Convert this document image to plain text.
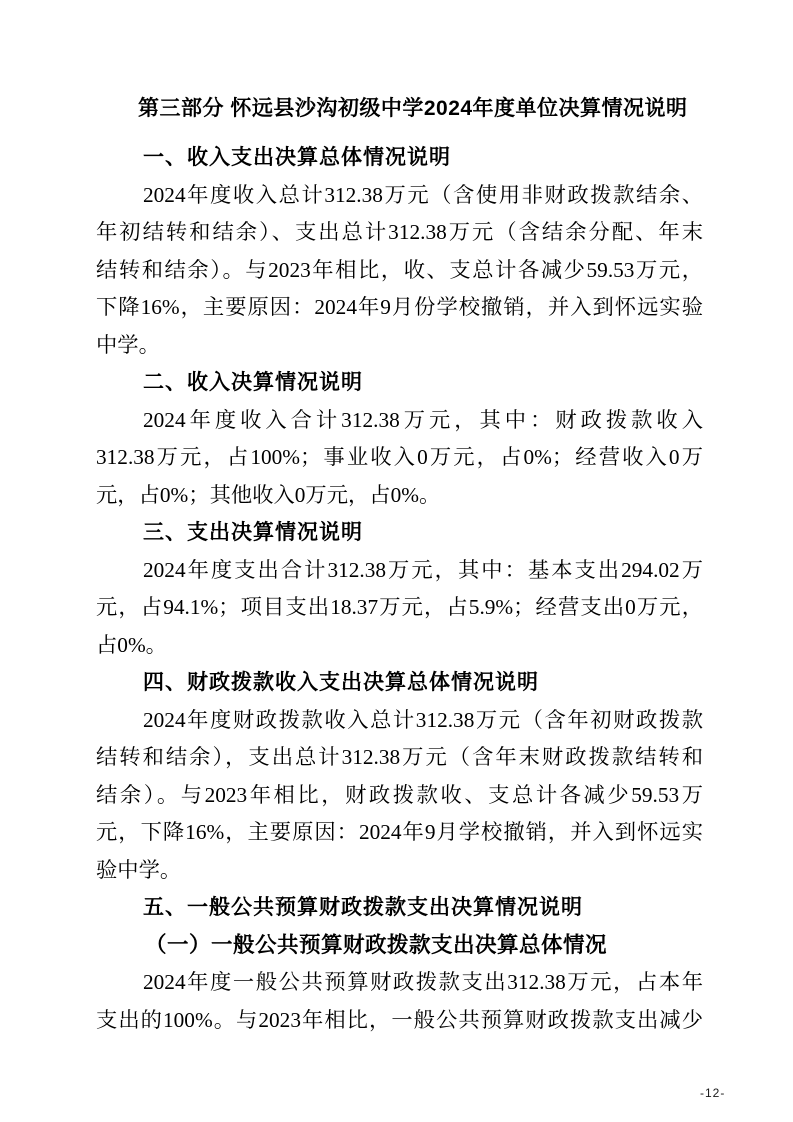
第三部分 怀远县沙沟初级中学2024年度单位决算情况说明
一、收入支出决算总体情况说明
2024年度收入总计312.38万元（含使用非财政拨款结余、
年初结转和结余）、支出总计312.38万元（含结余分配、年末
结转和结余）。与2023年相比，收、支总计各减少59.53万元，
下降16%，主要原因：2024年9月份学校撤销，并入到怀远实验
中学。
二、收入决算情况说明
2024年度收入合计312.38万元，其中：财政拨款收入
312.38万元，占100%；事业收入0万元，占0%；经营收入0万
元，占0%；其他收入0万元，占0%。
三、支出决算情况说明
2024年度支出合计312.38万元，其中：基本支出294.02万
元，占94.1%；项目支出18.37万元，占5.9%；经营支出0万元，
占0%。
四、财政拨款收入支出决算总体情况说明
2024年度财政拨款收入总计312.38万元（含年初财政拨款
结转和结余），支出总计312.38万元（含年末财政拨款结转和
结余）。与2023年相比，财政拨款收、支总计各减少59.53万
元，下降16%，主要原因：2024年9月学校撤销，并入到怀远实
验中学。
五、一般公共预算财政拨款支出决算情况说明
（一）一般公共预算财政拨款支出决算总体情况
2024年度一般公共预算财政拨款支出312.38万元，占本年
支出的100%。与2023年相比，一般公共预算财政拨款支出减少
-12-
